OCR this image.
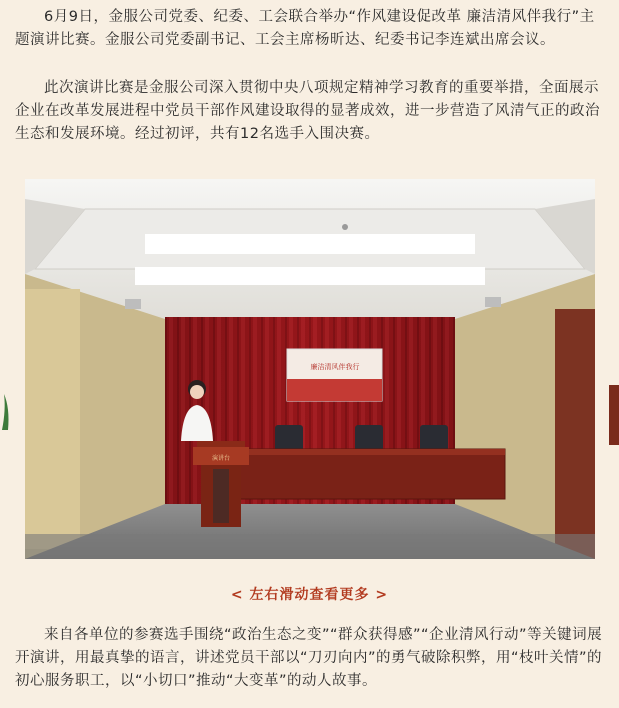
6月9日，金服公司党委、纪委、工会联合举办“作风建设促改革 廉洁清风伴我行”主题演讲比赛。金服公司党委副书记、工会主席杨昕达、纪委书记李连斌出席会议。

此次演讲比赛是金服公司深入贯彻中央八项规定精神学习教育的重要举措，全面展示企业在改革发展进程中党员干部作风建设取得的显著成效，进一步营造了风清气正的政治生态和发展环境。经过初评，共有12名选手入围决赛。

廉洁清风伴我行
演讲台
< 左右滑动查看更多 >

来自各单位的参赛选手围绕“政治生态之变”“群众获得感”“企业清风行动”等关键词展开演讲，用最真挚的语言，讲述党员干部以“刀刃向内”的勇气破除积弊，用“枝叶关情”的初心服务职工，以“小切口”推动“大变革”的动人故事。
